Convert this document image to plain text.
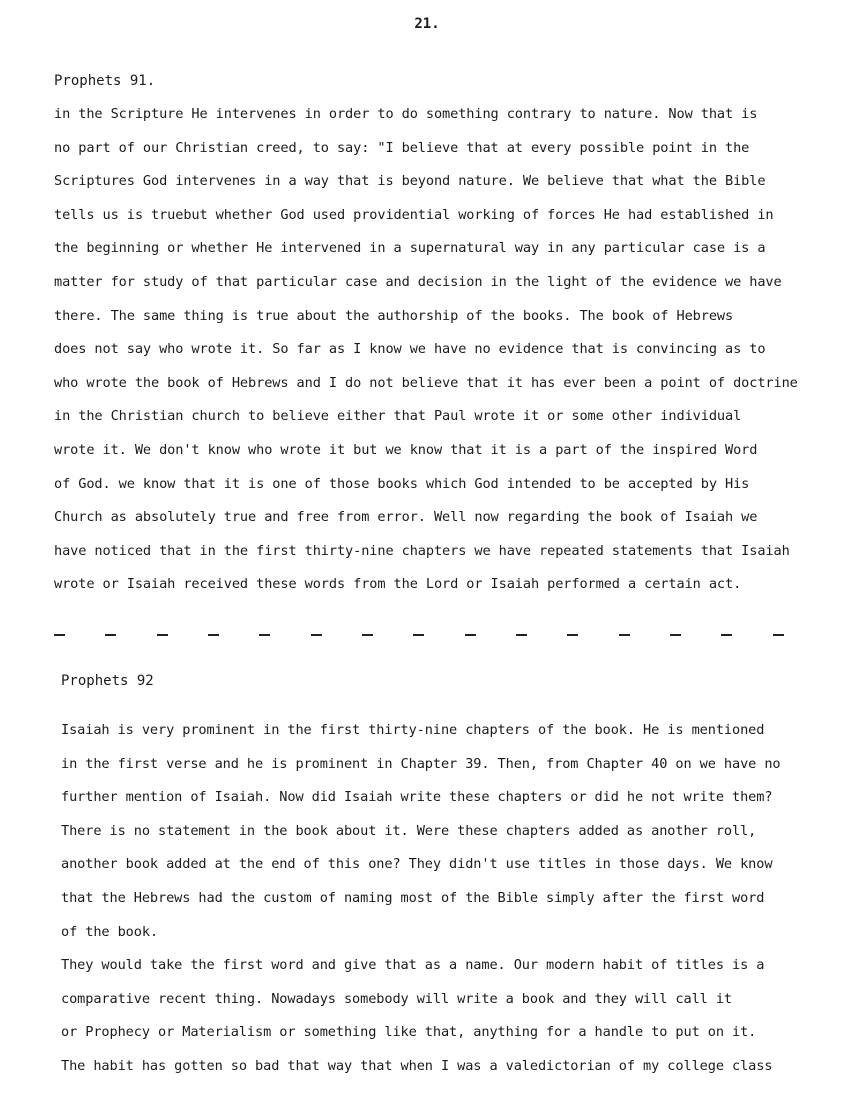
21.
Prophets 91.
in the Scripture He intervenes in order to do something contrary to nature. Now that is
no part of our Christian creed, to say: "I believe that at every possible point in the
Scriptures God intervenes in a way that is beyond nature. We believe that what the Bible
tells us is truebut whether God used providential working of forces He had established in
the beginning or whether He intervened in a supernatural way in any particular case is a
matter for study of that particular case and decision in the light of the evidence we have
there. The same thing is true about the authorship of the books. The book of Hebrews
does not say who wrote it. So far as I know we have no evidence that is convincing as to
who wrote the book of Hebrews and I do not believe that it has ever been a point of doctrine
in the Christian church to believe either that Paul wrote it or some other individual
wrote it. We don't know who wrote it but we know that it is a part of the inspired Word
of God. we know that it is one of those books which God intended to be accepted by His
Church as absolutely true and free from error. Well now regarding the book of Isaiah we
have noticed that in the first thirty-nine chapters we have repeated statements that Isaiah
wrote or Isaiah received these words from the Lord or Isaiah performed a certain act.
Prophets 92
Isaiah is very prominent in the first thirty-nine chapters of the book. He is mentioned
in the first verse and he is prominent in Chapter 39. Then, from Chapter 40 on we have no
further mention of Isaiah. Now did Isaiah write these chapters or did he not write them?
There is no statement in the book about it. Were these chapters added as another roll,
another book added at the end of this one? They didn't use titles in those days. We know
that the Hebrews had the custom of naming most of the Bible simply after the first word
of the book.
They would take the first word and give that as a name. Our modern habit of titles is a
comparative recent thing. Nowadays somebody will write a book and they will call it
or Prophecy or Materialism or something like that, anything for a handle to put on it.
The habit has gotten so bad that way that when I was a valedictorian of my college class
